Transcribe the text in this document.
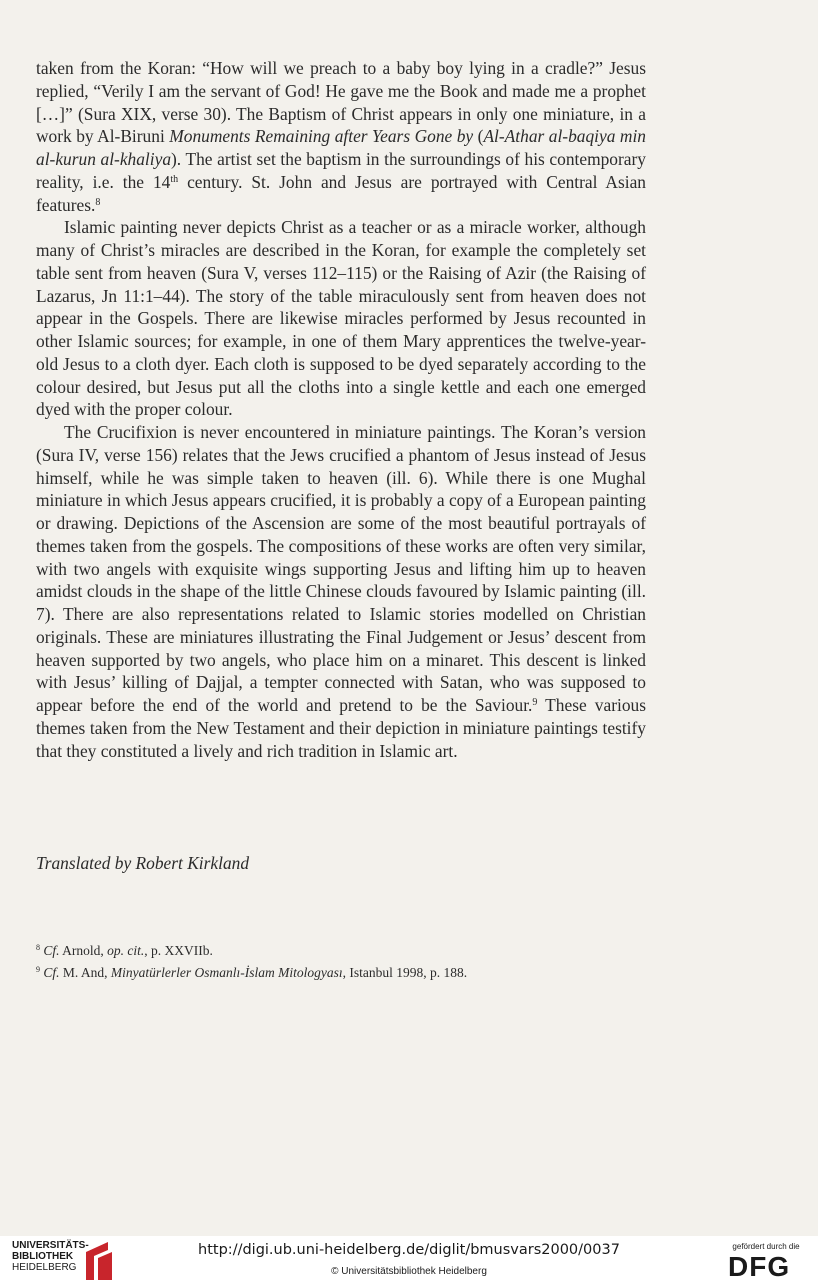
taken from the Koran: “How will we preach to a baby boy lying in a cradle?” Jesus replied, “Verily I am the servant of God! He gave me the Book and made me a prophet […]” (Sura XIX, verse 30). The Baptism of Christ appears in only one miniature, in a work by Al-Biruni Monuments Remaining after Years Gone by (Al-Athar al-baqiya min al-kurun al-khaliya). The artist set the baptism in the surroundings of his contemporary reality, i.e. the 14th century. St. John and Jesus are portrayed with Central Asian features.$^8$

Islamic painting never depicts Christ as a teacher or as a miracle worker, although many of Christ’s miracles are described in the Koran, for example the completely set table sent from heaven (Sura V, verses 112–115) or the Raising of Azir (the Raising of Lazarus, Jn 11:1–44). The story of the table miraculously sent from heaven does not appear in the Gospels. There are likewise miracles performed by Jesus recounted in other Islamic sources; for example, in one of them Mary apprentices the twelve-year-old Jesus to a cloth dyer. Each cloth is supposed to be dyed separately according to the colour desired, but Jesus put all the cloths into a single kettle and each one emerged dyed with the proper colour.

The Crucifixion is never encountered in miniature paintings. The Koran’s version (Sura IV, verse 156) relates that the Jews crucified a phantom of Jesus instead of Jesus himself, while he was simple taken to heaven (ill. 6). While there is one Mughal miniature in which Jesus appears crucified, it is probably a copy of a European painting or drawing. Depictions of the Ascension are some of the most beautiful portrayals of themes taken from the gospels. The compositions of these works are often very similar, with two angels with exquisite wings supporting Jesus and lifting him up to heaven amidst clouds in the shape of the little Chinese clouds favoured by Islamic painting (ill. 7). There are also representations related to Islamic stories modelled on Christian originals. These are miniatures illustrating the Final Judgement or Jesus’ descent from heaven supported by two angels, who place him on a minaret. This descent is linked with Jesus’ killing of Dajjal, a tempter connected with Satan, who was supposed to appear before the end of the world and pretend to be the Saviour.$^9$ These various themes taken from the New Testament and their depiction in miniature paintings testify that they constituted a lively and rich tradition in Islamic art.

Translated by Robert Kirkland
$^8$ Cf. Arnold, op. cit., p. XXVIIb.
$^9$ Cf. M. And, Minyatürlerler Osmanlı-İslam Mitologyası, Istanbul 1998, p. 188.
UNIVERSITÄTS-
BIBLIOTHEK
HEIDELBERG
http://digi.ub.uni-heidelberg.de/diglit/bmusvars2000/0037
© Universitätsbibliothek Heidelberg
gefördert durch die
DFG
